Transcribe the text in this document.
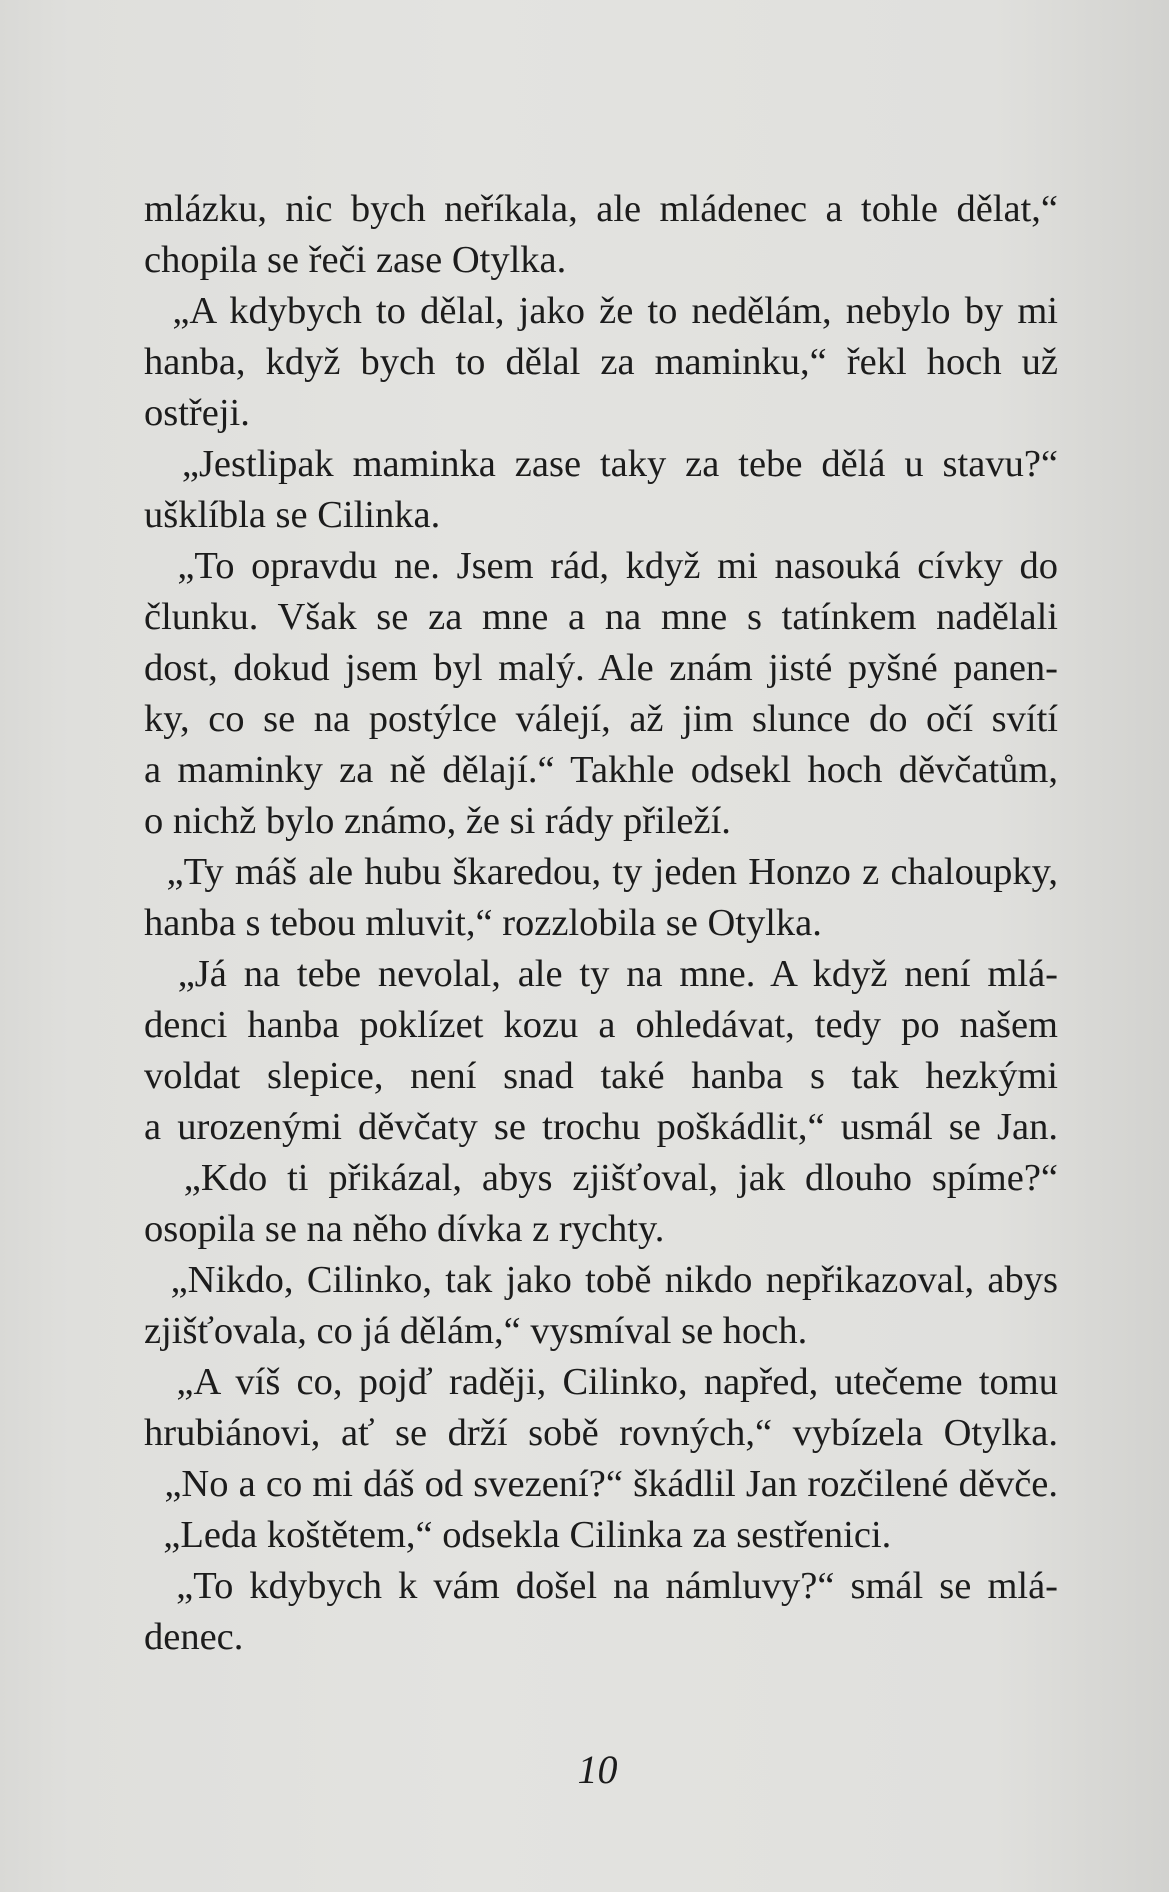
mlázku, nic bych neříkala, ale mládenec a tohle dělat,“
chopila se řeči zase Otylka.
„A kdybych to dělal, jako že to nedělám, nebylo by mi
hanba, když bych to dělal za maminku,“ řekl hoch už
ostřeji.
„Jestlipak maminka zase taky za tebe dělá u stavu?“
ušklíbla se Cilinka.
„To opravdu ne. Jsem rád, když mi nasouká cívky do
člunku. Však se za mne a na mne s tatínkem nadělali
dost, dokud jsem byl malý. Ale znám jisté pyšné panen-
ky, co se na postýlce válejí, až jim slunce do očí svítí
a maminky za ně dělají.“ Takhle odsekl hoch děvčatům,
o nichž bylo známo, že si rády přileží.
„Ty máš ale hubu škaredou, ty jeden Honzo z chaloupky,
hanba s tebou mluvit,“ rozzlobila se Otylka.
„Já na tebe nevolal, ale ty na mne. A když není mlá-
denci hanba poklízet kozu a ohledávat, tedy po našem
voldat slepice, není snad také hanba s tak hezkými
a urozenými děvčaty se trochu poškádlit,“ usmál se Jan.
„Kdo ti přikázal, abys zjišťoval, jak dlouho spíme?“
osopila se na něho dívka z rychty.
„Nikdo, Cilinko, tak jako tobě nikdo nepřikazoval, abys
zjišťovala, co já dělám,“ vysmíval se hoch.
„A víš co, pojď raději, Cilinko, napřed, utečeme tomu
hrubiánovi, ať se drží sobě rovných,“ vybízela Otylka.
„No a co mi dáš od svezení?“ škádlil Jan rozčilené děvče.
„Leda koštětem,“ odsekla Cilinka za sestřenici.
„To kdybych k vám došel na námluvy?“ smál se mlá-
denec.
10
